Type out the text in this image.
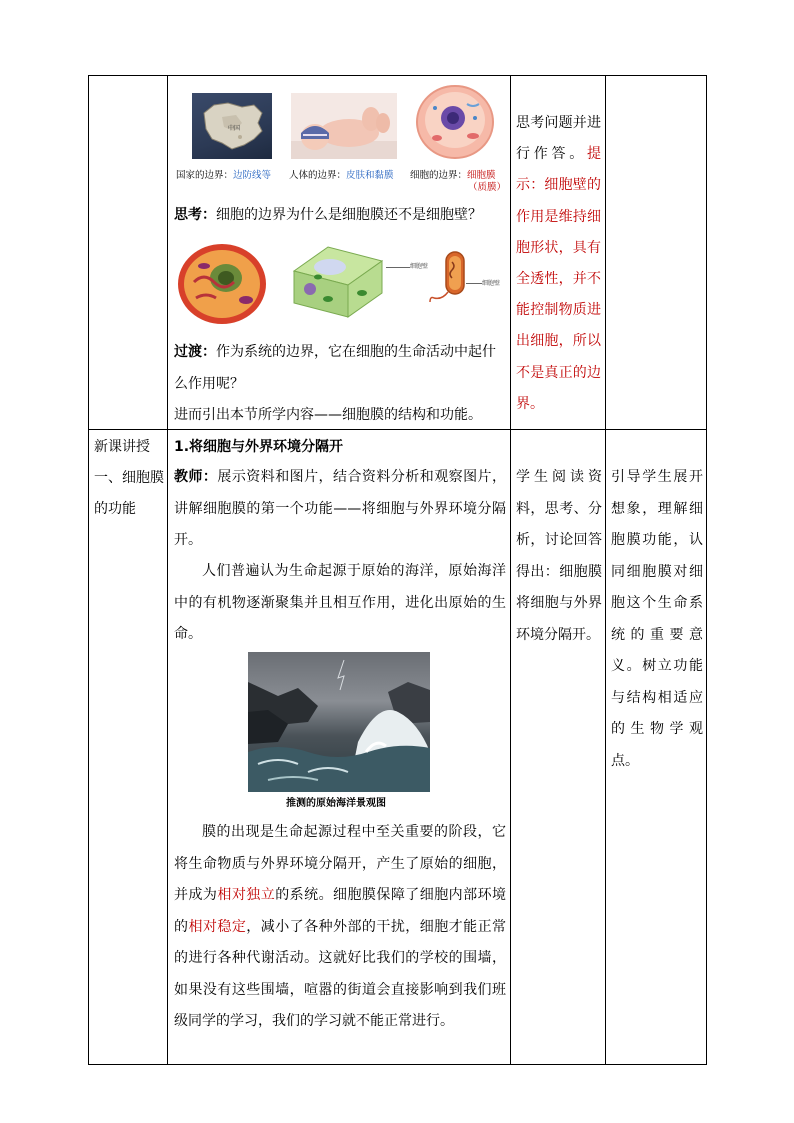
中国
国家的边界：边防线等 人体的边界：皮肤和黏膜 细胞的边界：细胞膜
（质膜）

思考：细胞的边界为什么是细胞膜还不是细胞壁？

细胞壁
细胞壁

过渡：作为系统的边界，它在细胞的生命活动中起什么作用呢？

进而引出本节所学内容——细胞膜的结构和功能。

思考问题并进行作答。提示：细胞壁的作用是维持细胞形状，具有全透性，并不能控制物质进出细胞，所以不是真正的边界。
新课讲授 一、细胞膜的功能
1.将细胞与外界环境分隔开
教师：展示资料和图片，结合资料分析和观察图片，讲解细胞膜的第一个功能——将细胞与外界环境分隔开。
人们普遍认为生命起源于原始的海洋，原始海洋中的有机物逐渐聚集并且相互作用，进化出原始的生命。
推测的原始海洋景观图
膜的出现是生命起源过程中至关重要的阶段，它将生命物质与外界环境分隔开，产生了原始的细胞，并成为相对独立的系统。细胞膜保障了细胞内部环境的相对稳定，减小了各种外部的干扰，细胞才能正常的进行各种代谢活动。这就好比我们的学校的围墙，如果没有这些围墙，喧嚣的街道会直接影响到我们班级同学的学习，我们的学习就不能正常进行。
学生阅读资料，思考、分析，讨论回答得出：细胞膜将细胞与外界环境分隔开。
引导学生展开想象，理解细胞膜功能，认同细胞膜对细胞这个生命系统的重要意义。树立功能与结构相适应的生物学观点。
